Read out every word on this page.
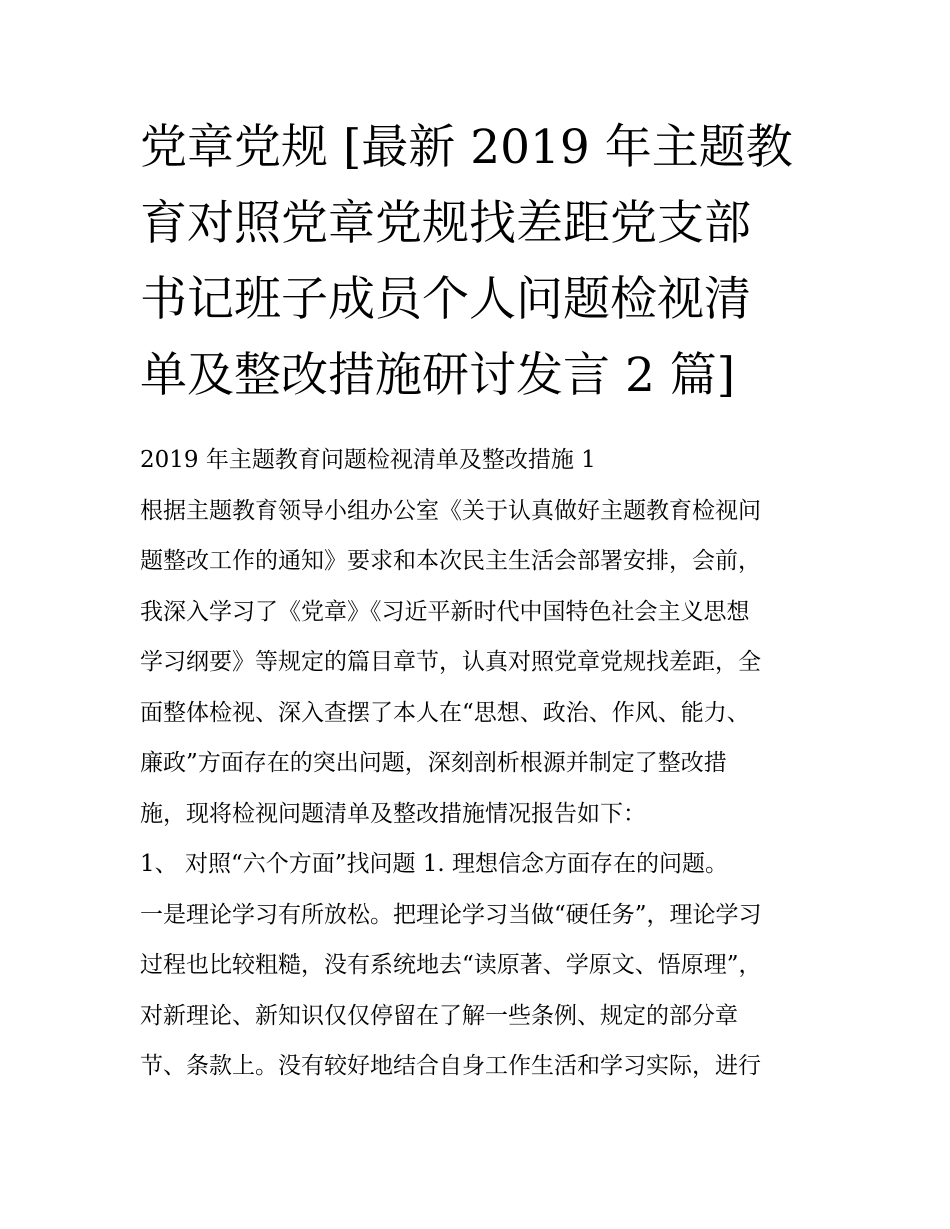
党章党规 [最新 2019 年主题教
育对照党章党规找差距党支部
书记班子成员个人问题检视清
单及整改措施研讨发言 2 篇]
2019 年主题教育问题检视清单及整改措施 1
根据主题教育领导小组办公室《关于认真做好主题教育检视问
题整改工作的通知》要求和本次民主生活会部署安排，会前，
我深入学习了《党章》《习近平新时代中国特色社会主义思想
学习纲要》等规定的篇目章节，认真对照党章党规找差距，全
面整体检视、深入查摆了本人在“思想、政治、作风、能力、
廉政”方面存在的突出问题，深刻剖析根源并制定了整改措
施，现将检视问题清单及整改措施情况报告如下：
1、 对照“六个方面”找问题 1. 理想信念方面存在的问题。
一是理论学习有所放松。把理论学习当做“硬任务”，理论学习
过程也比较粗糙，没有系统地去“读原著、学原文、悟原理”，
对新理论、新知识仅仅停留在了解一些条例、规定的部分章
节、条款上。没有较好地结合自身工作生活和学习实际，进行
